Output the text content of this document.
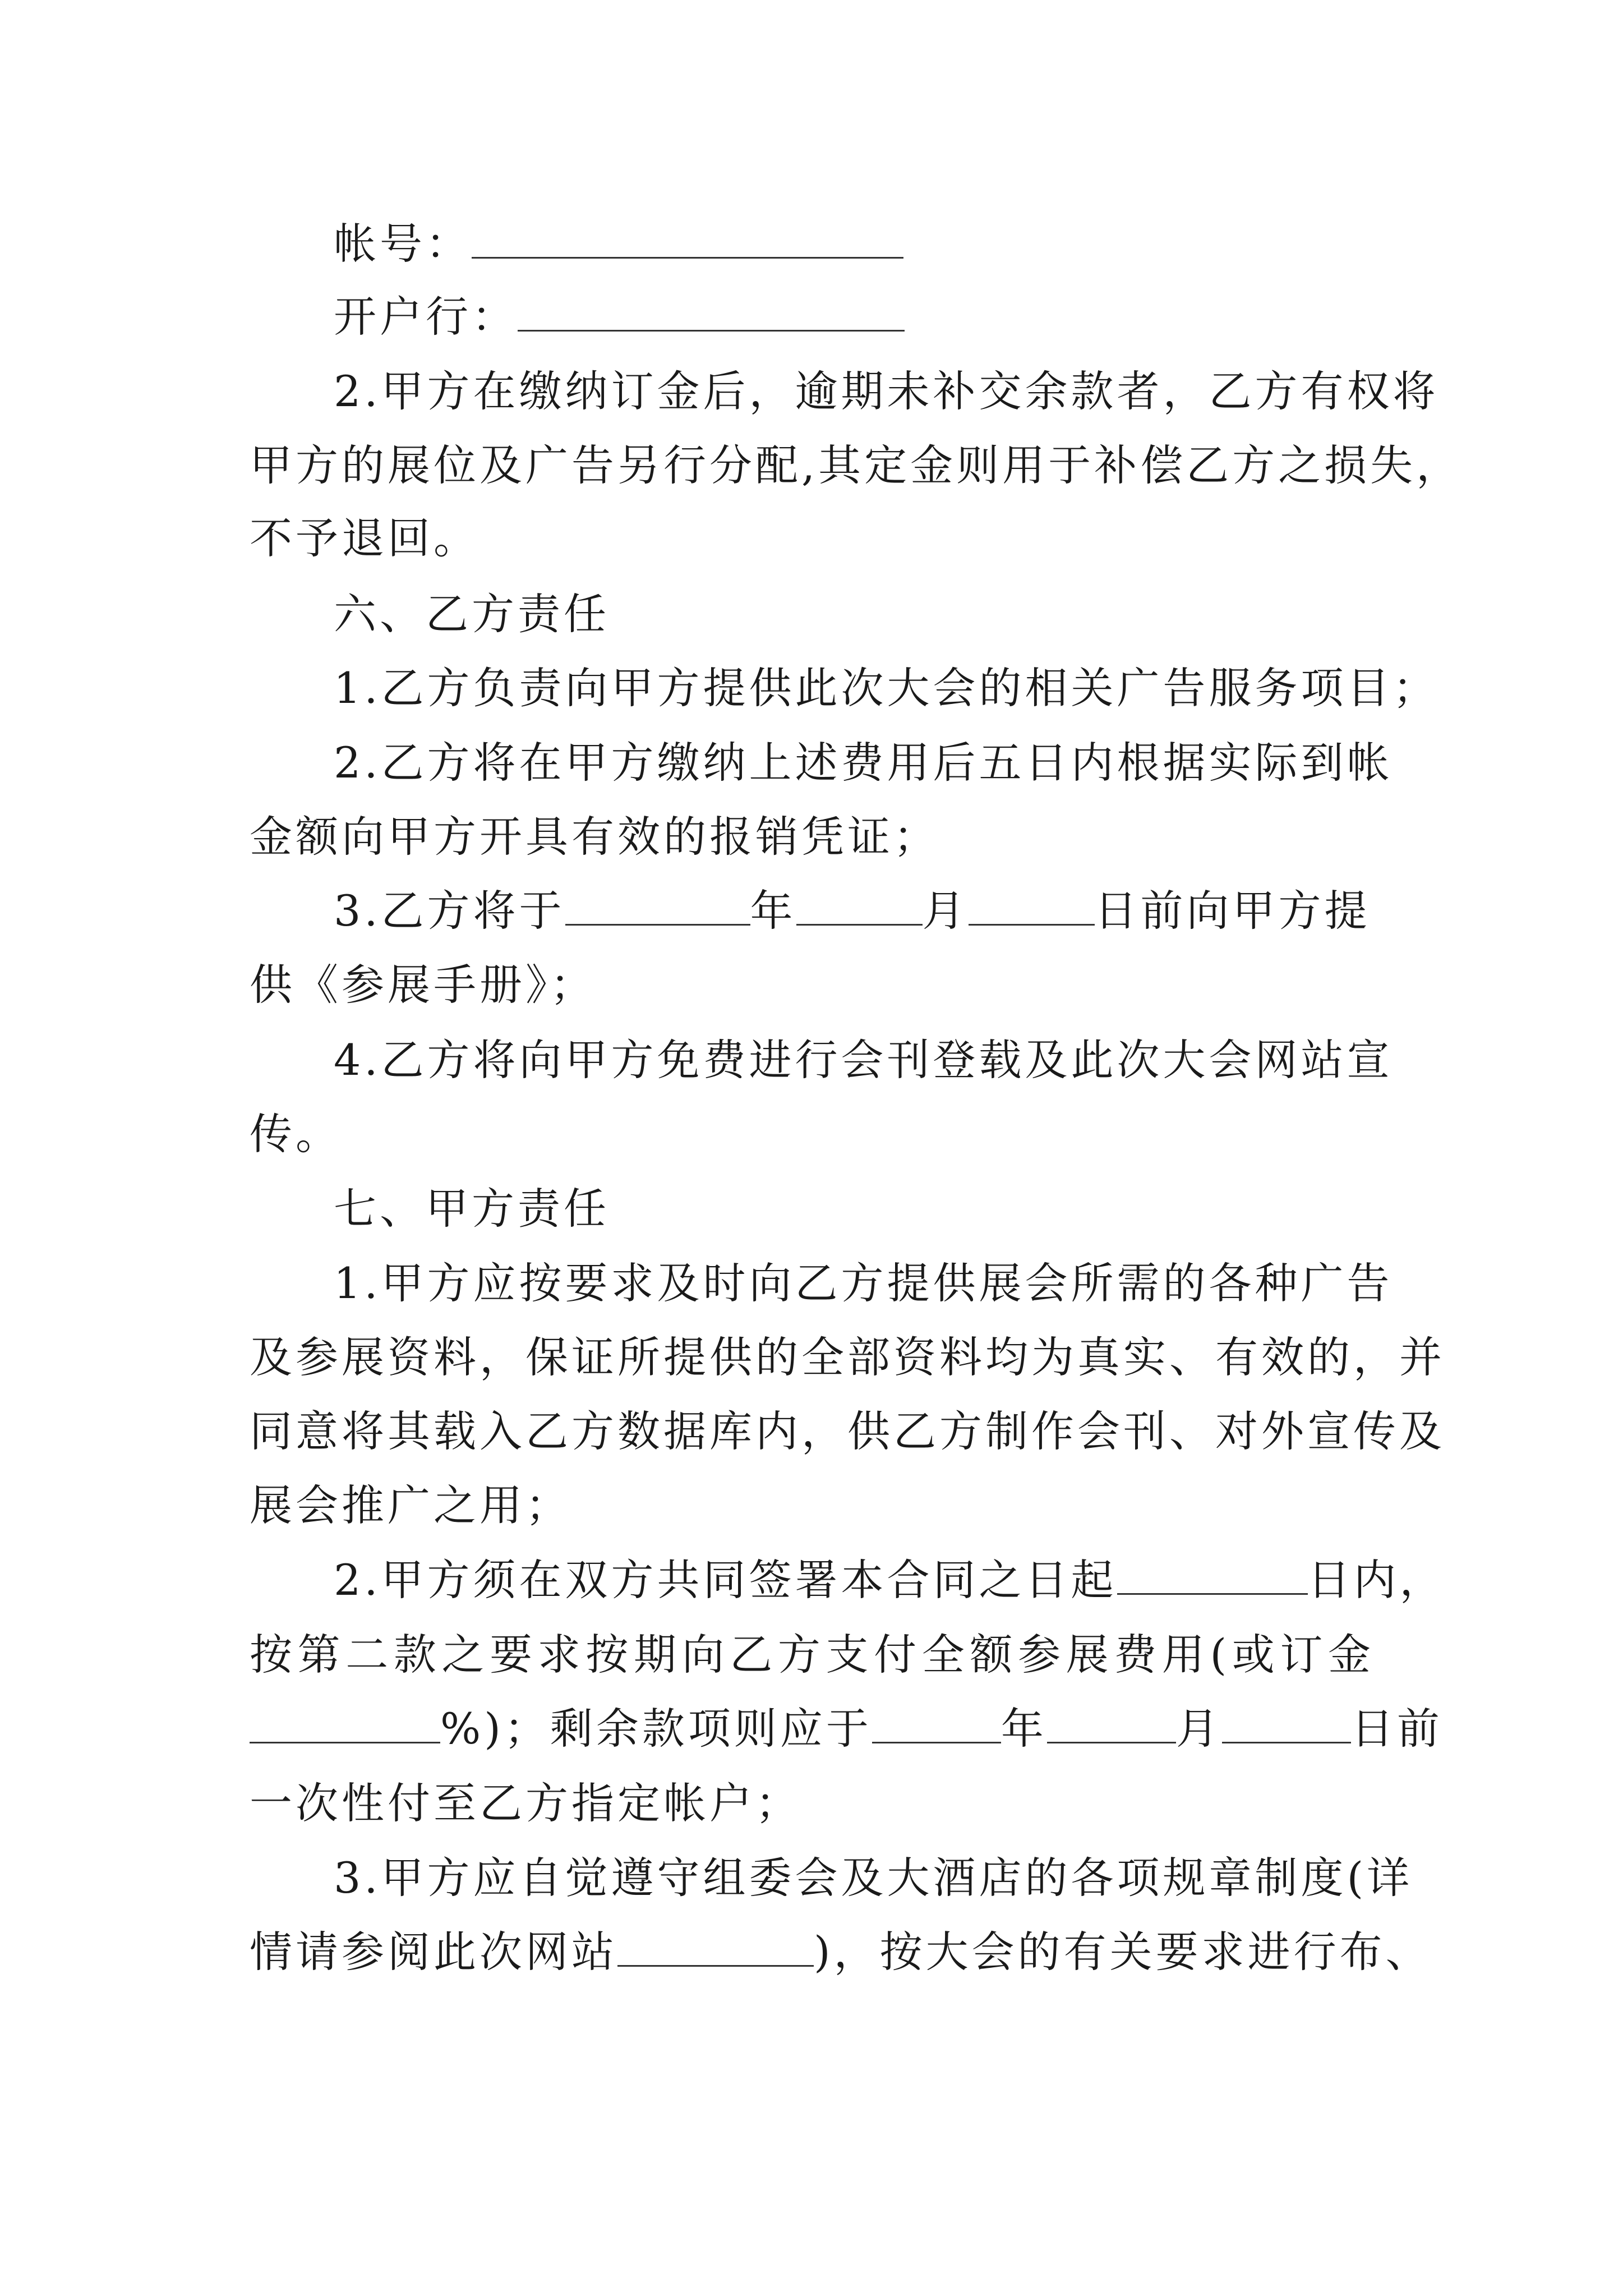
帐号：
开户行：
2.甲方在缴纳订金后，逾期未补交余款者，乙方有权将
甲方的展位及广告另行分配,其定金则用于补偿乙方之损失，
不予退回。
六、乙方责任
1.乙方负责向甲方提供此次大会的相关广告服务项目；
2.乙方将在甲方缴纳上述费用后五日内根据实际到帐
金额向甲方开具有效的报销凭证；
3.乙方将于	年	月	日前向甲方提
供《参展手册》；
4.乙方将向甲方免费进行会刊登载及此次大会网站宣
传。
七、甲方责任
1.甲方应按要求及时向乙方提供展会所需的各种广告
及参展资料，保证所提供的全部资料均为真实、有效的，并
同意将其载入乙方数据库内，供乙方制作会刊、对外宣传及
展会推广之用；
2.甲方须在双方共同签署本合同之日起	日内，
按第二款之要求按期向乙方支付全额参展费用(或订金
%)；剩余款项则应于	年	月	日前
一次性付至乙方指定帐户；
3.甲方应自觉遵守组委会及大酒店的各项规章制度(详
情请参阅此次网站	)，按大会的有关要求进行布、
